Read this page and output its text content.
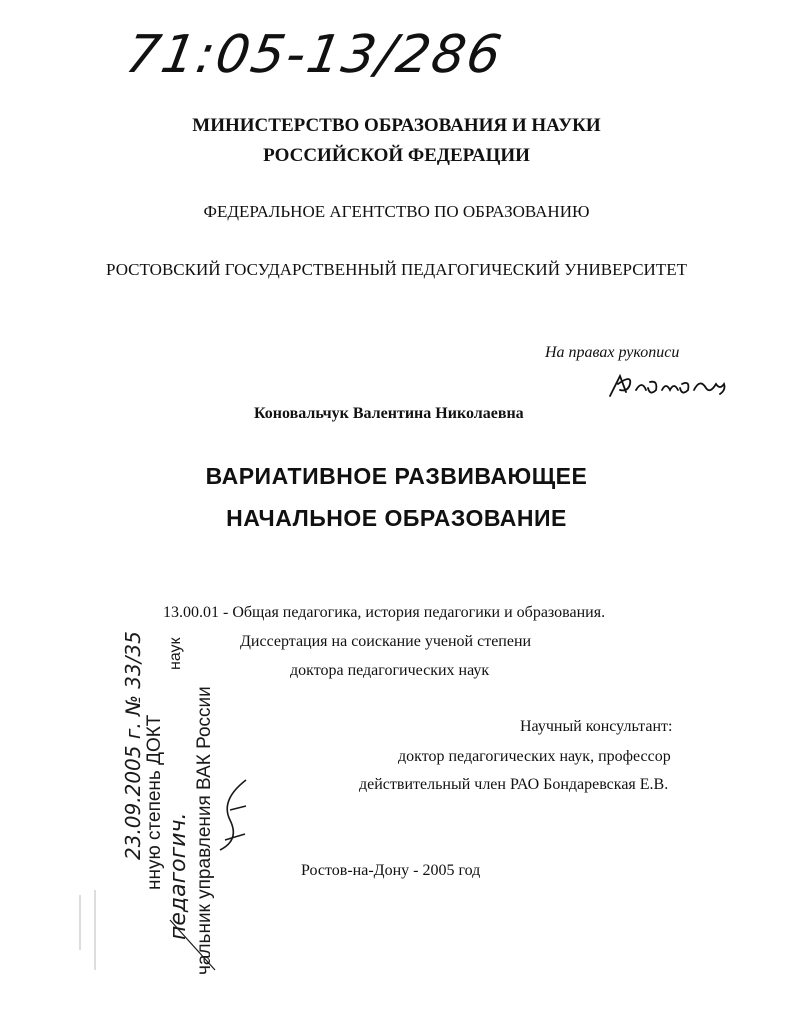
71:05-13/286
МИНИСТЕРСТВО ОБРАЗОВАНИЯ И НАУКИ
РОССИЙСКОЙ ФЕДЕРАЦИИ
ФЕДЕРАЛЬНОЕ АГЕНТСТВО ПО ОБРАЗОВАНИЮ
РОСТОВСКИЙ ГОСУДАРСТВЕННЫЙ ПЕДАГОГИЧЕСКИЙ УНИВЕРСИТЕТ
На правах рукописи
Коновальчук Валентина Николаевна
ВАРИАТИВНОЕ РАЗВИВАЮЩЕЕ
НАЧАЛЬНОЕ ОБРАЗОВАНИЕ
13.00.01 - Общая педагогика, история педагогики и образования.
Диссертация на соискание ученой степени
доктора педагогических наук
Научный консультант:
доктор педагогических наук, профессор
действительный член РАО Бондаревская Е.В.
Ростов-на-Дону - 2005 год
чальник управления ВАК России
нную степень ДОКТ
наук
23.09.2005 г. № 33/35
педагогич.
